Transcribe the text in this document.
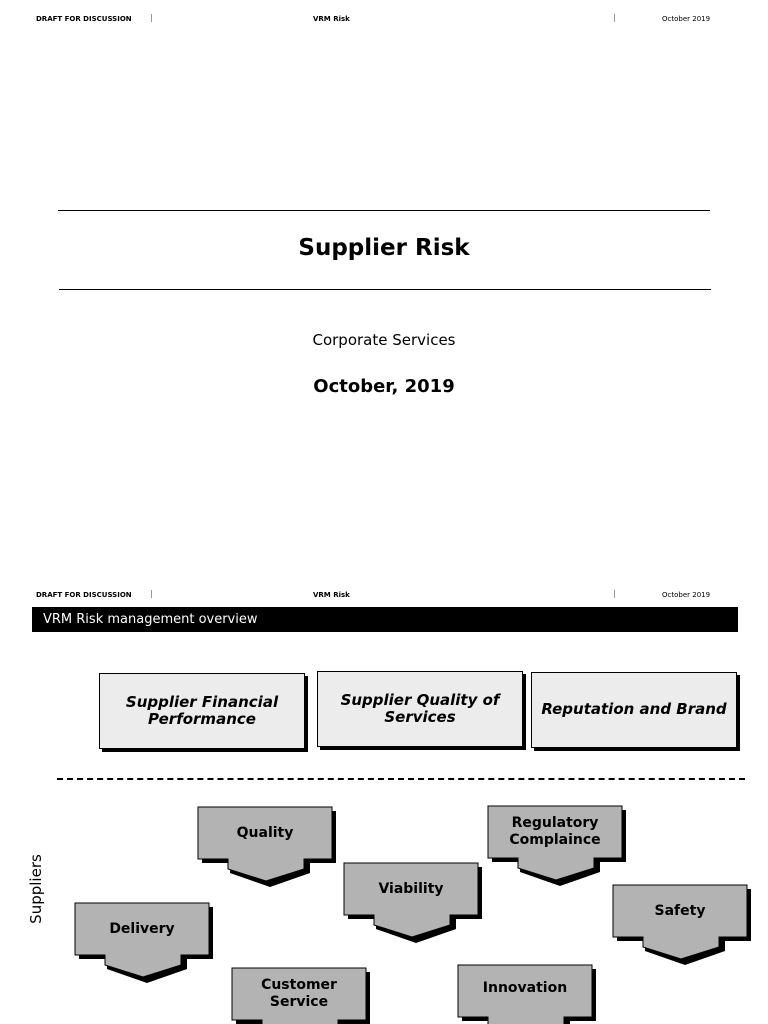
DRAFT FOR DISCUSSION	VRM Risk	October 2019
Supplier Risk
Corporate Services
October, 2019
DRAFT FOR DISCUSSION	VRM Risk	October 2019
VRM Risk management overview
Supplier Financial Performance
Supplier Quality of Services	Reputation and Brand
Suppliers
Quality
Regulatory Complaince
Viability
Safety
Delivery
Customer Service
Innovation
